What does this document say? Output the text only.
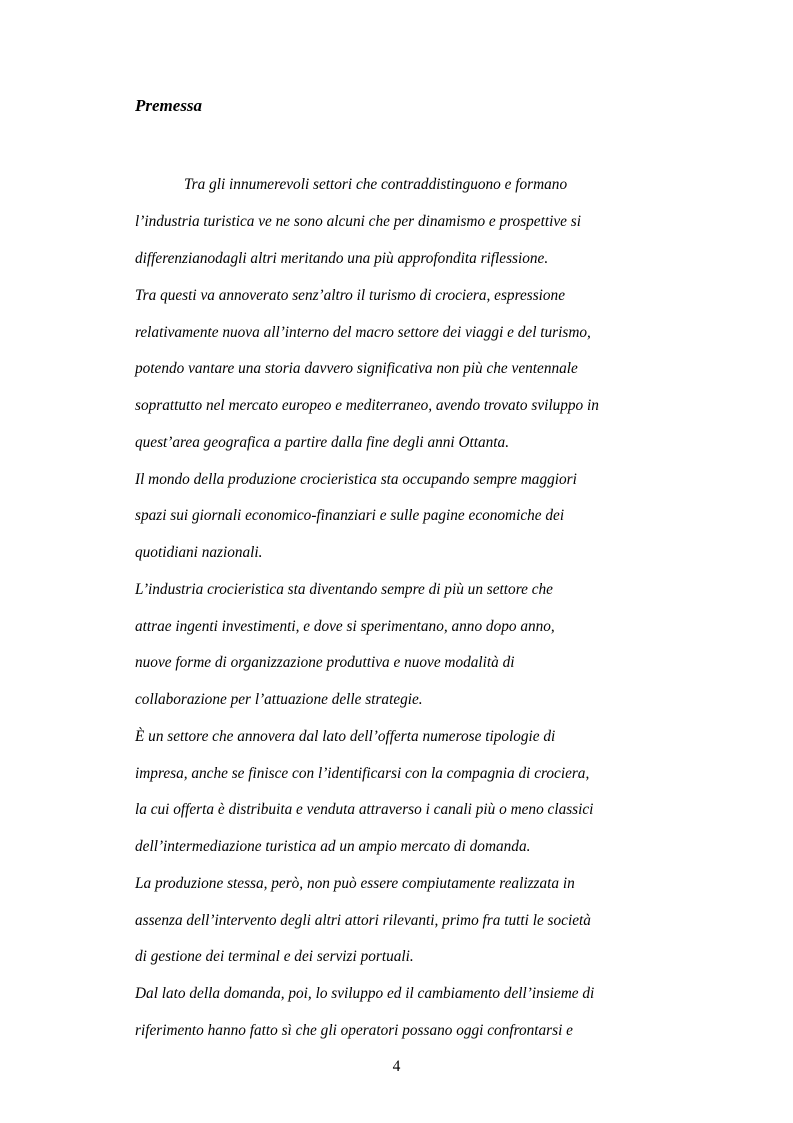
Premessa
Tra gli innumerevoli settori che contraddistinguono e formano
l’industria turistica ve ne sono alcuni che per dinamismo e prospettive si
differenzianodagli altri meritando una più approfondita riflessione.
Tra questi va annoverato senz’altro il turismo di crociera, espressione
relativamente nuova all’interno del macro settore dei viaggi e del turismo,
potendo vantare una storia davvero significativa non più che ventennale
soprattutto nel mercato europeo e mediterraneo, avendo trovato sviluppo in
quest’area geografica a partire dalla fine degli anni Ottanta.
Il mondo della produzione crocieristica sta occupando sempre maggiori
spazi sui giornali economico-finanziari e sulle pagine economiche dei
quotidiani nazionali.
L’industria crocieristica sta diventando sempre di più un settore che
attrae ingenti investimenti, e dove si sperimentano, anno dopo anno,
nuove forme di organizzazione produttiva e nuove modalità di
collaborazione per l’attuazione delle strategie.
È un settore che annovera dal lato dell’offerta numerose tipologie di
impresa, anche se finisce con l’identificarsi con la compagnia di crociera,
la cui offerta è distribuita e venduta attraverso i canali più o meno classici
dell’intermediazione turistica ad un ampio mercato di domanda.
La produzione stessa, però, non può essere compiutamente realizzata in
assenza dell’intervento degli altri attori rilevanti, primo fra tutti le società
di gestione dei terminal e dei servizi portuali.
Dal lato della domanda, poi, lo sviluppo ed il cambiamento dell’insieme di
riferimento hanno fatto sì che gli operatori possano oggi confrontarsi e
4
